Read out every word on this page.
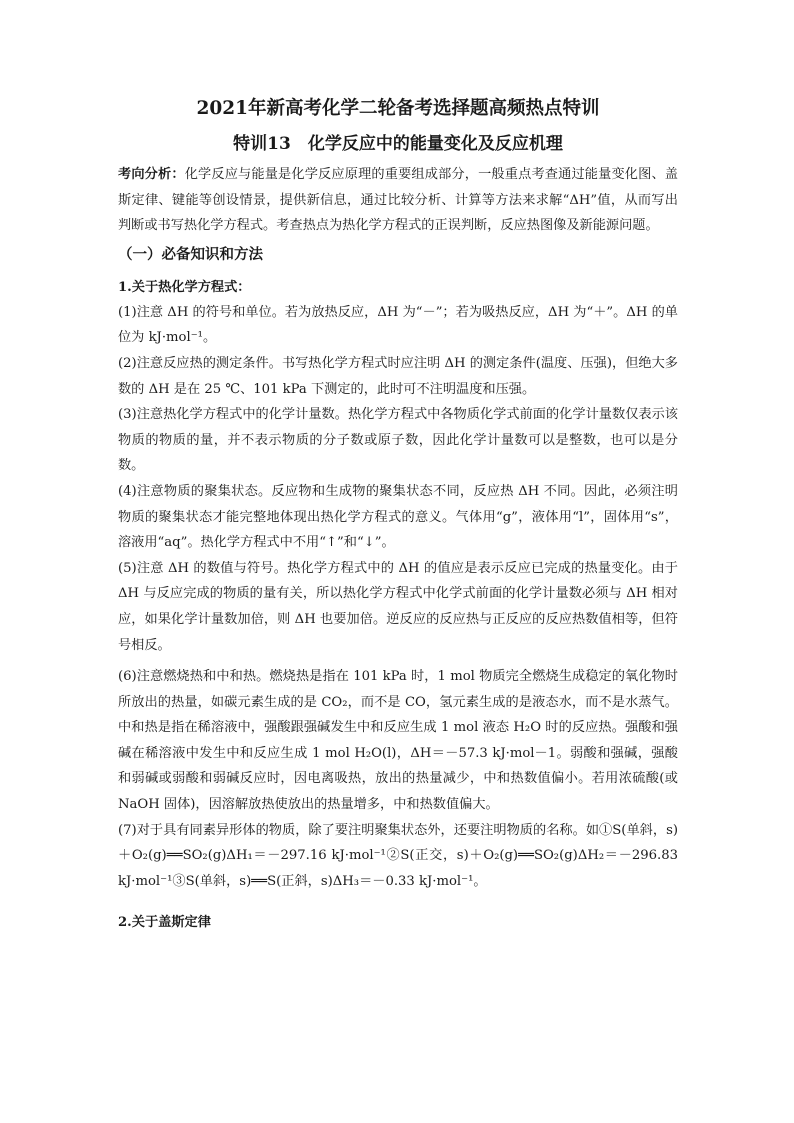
2021年新高考化学二轮备考选择题高频热点特训
特训13　化学反应中的能量变化及反应机理

考向分析：化学反应与能量是化学反应原理的重要组成部分，一般重点考查通过能量变化图、盖斯定律、键能等创设情景，提供新信息，通过比较分析、计算等方法来求解“ΔH”值，从而写出判断或书写热化学方程式。考查热点为热化学方程式的正误判断，反应热图像及新能源问题。

（一）必备知识和方法
1.关于热化学方程式：

(1)注意 ΔH 的符号和单位。若为放热反应，ΔH 为“－”；若为吸热反应，ΔH 为“＋”。ΔH 的单位为 kJ·mol⁻¹。

(2)注意反应热的测定条件。书写热化学方程式时应注明 ΔH 的测定条件(温度、压强)，但绝大多数的 ΔH 是在 25 ℃、101 kPa 下测定的，此时可不注明温度和压强。

(3)注意热化学方程式中的化学计量数。热化学方程式中各物质化学式前面的化学计量数仅表示该物质的物质的量，并不表示物质的分子数或原子数，因此化学计量数可以是整数，也可以是分数。

(4)注意物质的聚集状态。反应物和生成物的聚集状态不同，反应热 ΔH 不同。因此，必须注明物质的聚集状态才能完整地体现出热化学方程式的意义。气体用“g”，液体用“l”，固体用“s”，溶液用“aq”。热化学方程式中不用“↑”和“↓”。

(5)注意 ΔH 的数值与符号。热化学方程式中的 ΔH 的值应是表示反应已完成的热量变化。由于 ΔH 与反应完成的物质的量有关，所以热化学方程式中化学式前面的化学计量数必须与 ΔH 相对应，如果化学计量数加倍，则 ΔH 也要加倍。逆反应的反应热与正反应的反应热数值相等，但符号相反。

(6)注意燃烧热和中和热。燃烧热是指在 101 kPa 时，1 mol 物质完全燃烧生成稳定的氧化物时所放出的热量，如碳元素生成的是 CO₂，而不是 CO，氢元素生成的是液态水，而不是水蒸气。中和热是指在稀溶液中，强酸跟强碱发生中和反应生成 1 mol 液态 H₂O 时的反应热。强酸和强碱在稀溶液中发生中和反应生成 1 mol H₂O(l)，ΔH＝－57.3 kJ·mol－1。弱酸和强碱，强酸和弱碱或弱酸和弱碱反应时，因电离吸热，放出的热量减少，中和热数值偏小。若用浓硫酸(或 NaOH 固体)，因溶解放热使放出的热量增多，中和热数值偏大。

(7)对于具有同素异形体的物质，除了要注明聚集状态外，还要注明物质的名称。如①S(单斜，s)＋O₂(g)══SO₂(g)ΔH₁＝－297.16 kJ·mol⁻¹②S(正交，s)＋O₂(g)══SO₂(g)ΔH₂＝－296.83 kJ·mol⁻¹③S(单斜，s)══S(正斜，s)ΔH₃＝－0.33 kJ·mol⁻¹。

2.关于盖斯定律
